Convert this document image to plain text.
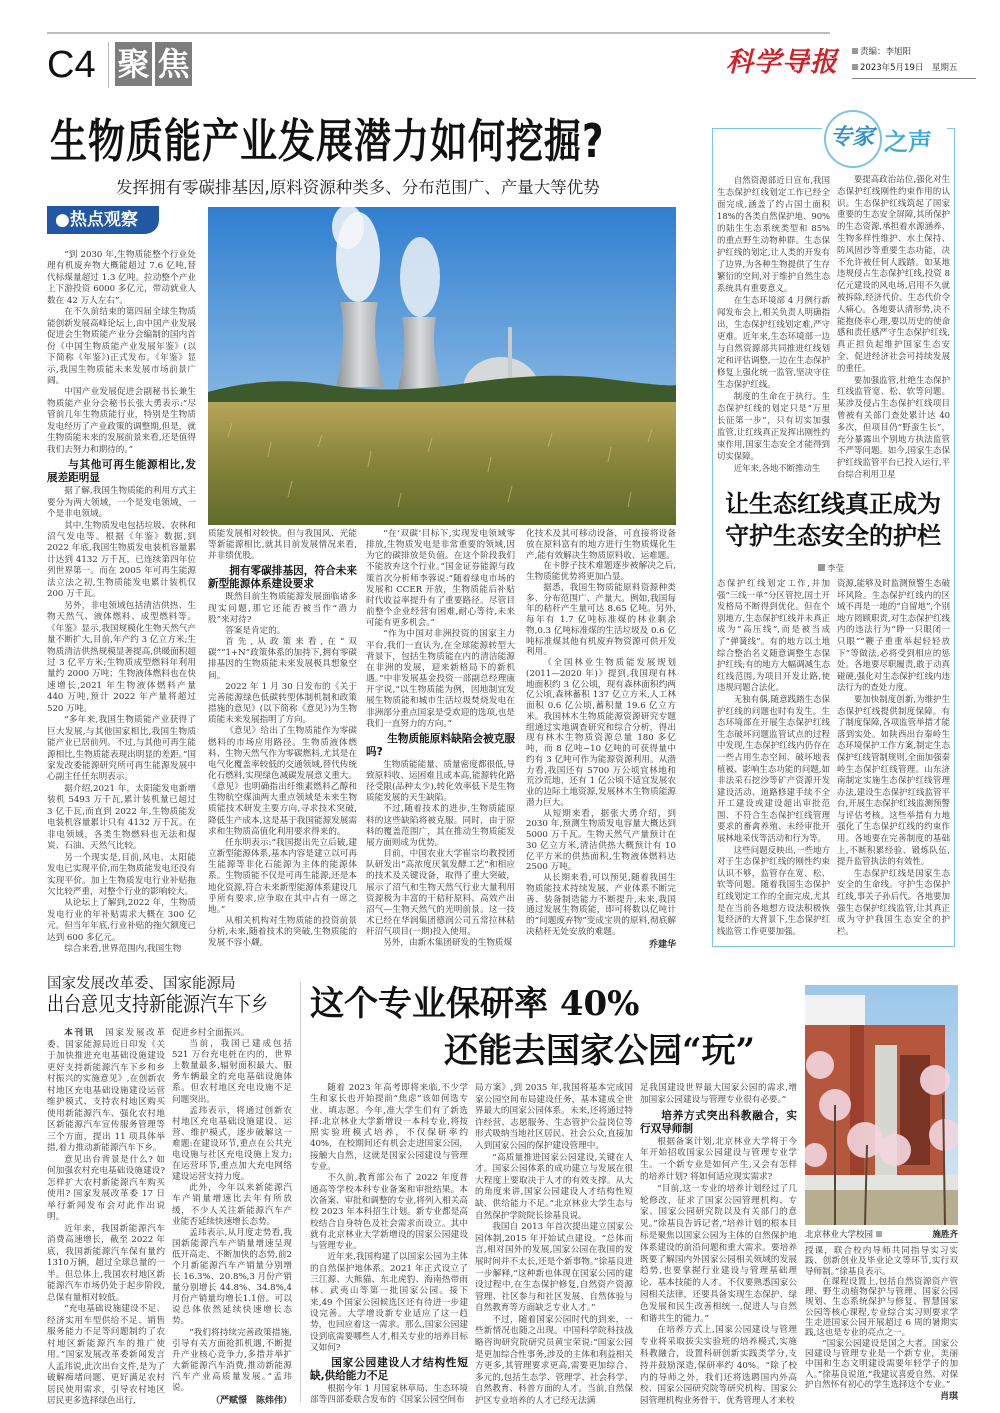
C4 聚 焦	科学导报	责编：李旭阳
2023年5月19日　星期五
生物质能产业发展潜力如何挖掘?
发挥拥有零碳排基因,原料资源种类多、分布范围广、产量大等优势
●热点观察

“到 2030 年,生物质能整个行业处理有机废弃物大概能超过 7.6 亿吨,替代标煤量超过 1.3 亿吨。拉动整个产业上下游投资 6000 多亿元，带动就业人数在 42 万人左右”。

在不久前结束的第四届全球生物质能创新发展高峰论坛上,由中国产业发展促进会生物质能产业分会编制的国内首份《中国生物质能产业发展年鉴》(以下简称《年鉴》)正式发布。《年鉴》显示,我国生物质能未来发展市场前景广阔。

中国产业发展促进会副秘书长兼生物质能产业分会秘书长张大勇表示:“尽管前几年生物质能行业，特别是生物质发电经历了产业政策的调整期,但是，就生物质能未来的发展前景来看,还是值得我们去努力和期待的。”

与其他可再生能源相比,发展差距明显

据了解,我国生物质能的利用方式主要分为两大领域，一个是发电领域，一个是非电领域。

其中,生物质发电包括垃圾、农林和沼气发电等。根据《年鉴》数据,到 2022 年底,我国生物质发电装机容量累计达到 4132 万千瓦，已连续第四年位列世界第一。而在 2005 年可再生能源法立法之初,生物质能发电累计装机仅 200 万千瓦。

另外，非电领域包括清洁供热、生物天然气、液体燃料、成型燃料等。《年鉴》显示,我国规模化生物天然气产量不断扩大,目前,年产约 3 亿立方米;生物质清洁供热规模显著提高,供暖面积超过 3 亿平方米;生物质成型燃料年利用量约 2000 万吨；生物液体燃料也在快速增长,2021 年生物液体燃料产量 440 万吨,预计 2022 年产量将超过 520 万吨。

“多年来,我国生物质能产业获得了巨大发展,与其他国家相比,我国生物质能产业已居前列。不过,与其他可再生能源相比,生物质能表现出明显的差距。”国家发改委能源研究所可再生能源发展中心副主任任东明表示。

据介绍,2021 年，太阳能发电新增装机 5493 万千瓦,累计装机量已超过 3 亿千瓦,而直到 2022 年,生物质能发电装机容量累计只有 4132 万千瓦。在非电领域，各类生物燃料也无法和煤炭、石油、天然气比较。

另一个现实是,目前,风电、太阳能发电已实现平价,而生物质能发电还没有实现平价。加上生物质发电行业补贴拖欠比较严重，对整个行业的影响较大。

从论坛上了解到,2022 年，生物质发电行业的年补贴需求大概在 300 亿元。但当年年底,行业补贴的拖欠额度已达到 600 多亿元。

综合来看,世界范围内,我国生物

质能发展相对较快。但与我国风、光能等新能源相比,就其目前发展情况来看,并非绩优股。

拥有零碳排基因，符合未来新型能源体系建设要求

既然目前生物质能源发展面临诸多现实问题,那它还能否被当作“潜力股”来对待?

答案是肯定的。

首先,从政策来看,在“双碳”“1+N”政策体系的加持下,拥有零碳排基因的生物质能未来发展极具想象空间。

2022 年 1 月 30 日发布的《关于完善能源绿色低碳转型体制机制和政策措施的意见》(以下简称《意见》)为生物质能未来发展指明了方向。

《意见》给出了生物质能作为零碳燃料的市场应用路径。生物质液体燃料、生物天然气作为零碳燃料,尤其是在电气化覆盖率较低的交通领域,替代传统化石燃料,实现绿色减碳发展意义重大。《意见》也明确指出纤维素燃料乙醇和生物航空煤油两大重点领域是未来生物质能技术研发主要方向,寻求技术突破,降低生产成本,这是基于我国能源发展需求和生物质高值化利用要求得来的。

任东明表示:“我国提出先立后破,建立新型能源体系,基本内容是建立以可再生能源等非化石能源为主体的能源体系。生物质能不仅是可再生能源,还是本地化资源,符合未来新型能源体系建设几乎所有要求,应争取在其中占有一席之地。”

从相关机构对生物质能的投资前景分析,未来,随着技术的突破,生物质能的发展不容小觑。

“在‘双碳’目标下,实现发电领域零排放,生物质发电是非常重要的领域,因为它的碳排放是负值。在这个阶段我们不能放弃这个行业。”国金证券能源与政策首次分析师李蓉说:“随着绿电市场的发展和 CCER 开放，生物质能后补贴时代收益率提升有了重要路径。尽管目前整个企业经营有困难,耐心等待,未来可能有更多机会。”

“作为中国对非洲投资的国家主力平台,我们一直认为,在全球能源转型大背景下，包括生物质能在内的清洁能源在非洲的发展，迎来新格局下的新机遇。”中非发展基金投资一部副总经理康开宇说,“以生物质能为例，因地制宜发展生物质能和城市生活垃圾焚烧发电在非洲部分重点国家是受欢迎的选项,也是我们一直努力的方向。”

生物质能原料缺陷会被克服吗?

生物质能能量、质量密度都很低,导致原料收、运困难且成本高,能源转化路径受限(品种太少),转化效率低下是生物质能发展的天生缺陷。

不过,随着技术的进步,生物质能原料的这些缺陷将被克服。同时，由于原料的覆盖范围广，其在推动生物质能发展方面则成为优势。

目前，中国农业大学崔宗均教授团队研发出“高浓度厌氧发酵工艺”和相应的技术及关键设备，取得了重大突破，展示了沼气和生物天然气行业大量利用资源极为丰富的干秸秆原料、高效产出沼气—生物天然气的光明前景。这一技术已经在华润集团德润公司五常拉林秸秆沼气项目(一期)投入使用。

另外，由新木集团研发的生物质煤

化技术及其可移动设备，可直接将设备放在原料富有的地方进行生物质煤化生产,能有效解决生物质原料收、运难题。

在卡脖子技术难题逐步被解决之后,生物质能优势将更加凸显。

据悉，我国生物质能原料资源种类多、分布范围广、产量大。例如,我国每年的秸秆产生量可达 8.65 亿吨。另外,每年有 1.7 亿吨标准煤的林业剩余物,0.3 亿吨标准煤的生活垃圾及 0.6 亿吨标准煤其他有机废弃物资源可供开发利用。

《全国林业生物质能发展规划(2011—2020 年)》提到,我国现有林地面积约 3 亿公顷，现有森林面积约两亿公顷,森林蓄积 137 亿立方米,人工林面积 0.6 亿公顷,蓄积量 19.6 亿立方米。我国林木生物质能源资源研究专题组通过实地调查研究和综合分析，得出现有林木生物质资源总量 180 多亿吨，而 8 亿吨~10 亿吨的可获得量中约有 3 亿吨可作为能源资源利用。从潜力看,我国还有 5700 万公顷宜林地和荒沙荒地，还有 1 亿公顷不适宜发展农业的边际土地资源,发展林木生物质能源潜力巨大。

从短期来看，据张大勇介绍，到 2030 年,预测生物质发电容量大概达到 5000 万千瓦。生物天然气产量预计在 30 亿立方米,清洁供热大概预计有 10 亿平方米的供热面积,生物液体燃料达 2500 万吨。

从长期来看,可以预见,随着我国生物质能技术持续发展、产业体系不断完善、装备制造能力不断提升,未来,我国通过发展生物质能，即可将数以亿吨计的“问题废弃物”变成宝贵的原料,彻底解决秸秆无处安放的难题。

乔建华
专家 之声

自然资源部近日宣布,我国生态保护红线划定工作已经全面完成,涵盖了约占国土面积 18%的各类自然保护地、90%的陆生生态系统类型和 85%的重点野生动物种群。生态保护红线的划定,让人类的开发有了边界,为各种生物提供了生存繁衍的空间,对于维护自然生态系统具有重要意义。

在生态环境部 4 月例行新闻发布会上,相关负责人明确指出，生态保护红线划定难,严守更难。近年来,生态环境部一边与自然资源部共同推进红线划定和评估调整,一边在生态保护修复上强化统一监管,坚决守住生态保护红线。

制度的生命在于执行。生态保护红线的划定只是“万里长征第一步”，只有切实加强监管,让红线真正发挥出刚性约束作用,国家生态安全才能得到切实保障。

近年来,各地不断推动生

要提高政治站位,强化对生态保护红线刚性约束作用的认识。生态保护红线筑起了国家重要的生态安全屏障,其所保护的生态资源,承担着水源涵养、生物多样性维护、水土保持、防风固沙等重要生态功能，决不允许被任何人践踏。如某地违规侵占生态保护红线,投资 8 亿元建设的风电场,启用不久就被拆除,经济代价、生态代价令人痛心。各地要认清形势,决不能抱侥幸心理,要以历史的使命感和责任感严守生态保护红线,真正担负起维护国家生态安全、促进经济社会可持续发展的重任。

要加强监管,杜绝生态保护红线监管宽、松、软等问题。某涉及侵占生态保护红线项目曾被有关部门查处累计达 40 多次，但项目仍“野蛮生长”，充分暴露出个别地方执法监管不严等问题。如今,国家生态保护红线监管平台已投入运行,平台综合利用卫星

让生态红线真正成为
守护生态安全的护栏
李莹

态保护红线划定工作,并加强“三线一单”分区管控,国土开发格局不断得到优化。但在个别地方,生态保护红线并未真正成为“高压线”,而是被当成了“弹簧线”。有的地方以土地综合整治名义随意调整生态保护红线;有的地方大幅调减生态红线范围,为项目开发让路,使违规问题合法化。

无独有偶,随意践踏生态保护红线的问题也时有发生。生态环境部在开展生态保护红线生态破坏问题监管试点的过程中发现,生态保护红线内仍存在一些占用生态空间、破坏地表植被、影响生态功能的问题,如非法采石挖沙等矿产资源开发建设活动、道路修建手续不全开工建设或建设超出审批范围、不符合生态保护红线管理要求的畜禽养殖、未经审批开展林地采伐等活动和行为等。

这些问题反映出,一些地方对于生态保护红线的刚性约束认识不够，监管存在宽、松、软等问题。随着我国生态保护红线划定工作的全面完成,尤其是在当前各地想方设法积极恢复经济的大背景下,生态保护红线监管工作更要加强。

资源,能够及时监测预警生态破坏风险。生态保护红线内的区域不再是一地的“自留地”,个别地方罔顾职责,对生态保护红线内的违法行为“睁一只眼闭一只眼”“鞭子重重举起轻轻放下”等做法,必将受到相应的惩处。各地要尽职履责,敢于动真碰硬,强化对生态保护红线内违法行为的查处力度。

要加快制度创新,为维护生态保护红线提供制度保障。有了制度保障,各项监管举措才能落到实处。如陕西出台秦岭生态环境保护工作方案,制定生态保护红线管制规则,全面加强秦岭生态保护红线管理。山东济南制定实施生态保护红线管理办法,建设生态保护红线监管平台,开展生态保护红线监测预警与评估考核。这些举措有力地强化了生态保护红线的约束作用。各地要在完善制度的基础上,不断积累经验、锻炼队伍,提升监管执法的有效性。

生态保护红线是国家生态安全的生命线。守护生态保护红线,事关子孙后代。各地要加强生态保护红线监管,让其真正成为守护我国生态安全的护栏。

国家发展改革委、国家能源局
出台意见支持新能源汽车下乡

本刊讯　国家发展改革委、国家能源局近日印发《关于加快推进充电基础设施建设更好支持新能源汽车下乡和乡村振兴的实施意见》,在创新农村地区充电基础设施建设运营维护模式、支持农村地区购买使用新能源汽车、强化农村地区新能源汽车宣传服务管理等三个方面，提出 11 项具体举措,着力推动新能源汽车下乡。

意见出台背景是什么? 如何加强农村充电基础设施建设? 怎样扩大农村新能源汽车购买使用? 国家发展改革委 17 日举行新闻发布会对此作出说明。

近年来，我国新能源汽车消费高速增长，截至 2022 年底，我国新能源汽车保有量约 1310万辆，超过全球总量的一半。但总体上,我国农村地区新能源汽车市场仍处于起步阶段,总保有量相对较低。

“充电基础设施建设不足、经济实用车型供给不足、销售服务能力不足等问题制约了农村地区新能源汽车的推广使用。”国家发展改革委新闻发言人孟玮说,此次出台文件,是为了破解痴堵问题、更好满足农村居民使用需求，引导农村地区居民更多选择绿色出行,

促进乡村全面振兴。

当前，我国已建成包括 521 万台充电桩在内的，世界上数量最多,辐射面积最大、服务车辆最全的充电基础设施体系。但农村地区充电设施不足问题突出。

孟玮表示，将通过创新农村地区充电基础设施建设、运营、维护模式，逐步破解这一难题:在建设环节,重点在公共充电设施与社区充电设施上发力;在运营环节,重点加大充电网络建设运营支持力度。

此外，今年以来新能源汽车产销量增速比去年有所放缓，不少人关注新能源汽车产业能否延续快速增长态势。

孟玮表示,从月度走势看,我国新能源汽车产销量增速呈现低开高走、不断加快的态势,前2个月新能源汽车产销量分别增长 16.3%、20.8%,3 月份产销量分别增长 44.8%、34.8%,4月份产销量均增长1.1倍。可以说总体依然延续快速增长态势。

“我们将持续完善政策措施,引导有关方面抢抓机遇,不断提升产业核心竞争力,多措并举扩大新能源汽车消费,推动新能源汽车产业高质量发展。”孟玮说。

（严赋憬　陈炜伟）
这个专业保研率 40%
还能去国家公园“玩”
北京林业大学校园	施胜齐

随着 2023 年高考即将来临,不少学生和家长也开始提前“焦虑”该如何选专业、填志愿。今年,准大学生们有了新选择:北京林业大学新增设一本科专业,将按照实验班模式培养，不仅保研率约 40%，在校期间还有机会走进国家公园，接触大自然，这就是国家公园建设与管理专业。

不久前,教育部公布了 2022 年度普通高等学校本科专业备案和审批结果。本次备案、审批和调整的专业,将列入相关高校 2023 年本科招生计划。新专业都是高校结合自身特色及社会需求而设立。其中就有北京林业大学新增设的国家公园建设与管理专业。

近年来,我国构建了以国家公园为主体的自然保护地体系。2021 年正式设立了三江源、大熊猫、东北虎豹、海南热带雨林、武夷山等第一批国家公园。接下来,49 个国家公园候选区还有待进一步建设完善。大学增设新专业适应了这一趋势，也回应着这一需求。那么,国家公园建设到底需要哪些人才,相关专业的培养目标又如何?

国家公园建设人才结构性短缺,供给能力不足

根据今年 1 月国家林草局、生态环境部等四部委联合发布的《国家公园空间布

局方案》,到 2035 年,我国将基本完成国家公园空间布局建设任务，基本建成全世界最大的国家公园体系。未来,还将通过特许经营、志愿服务、生态管护公益岗位等形式吸纳当地社区居民、社会公众,直接加入到国家公园的保护建设管理中。

“高质量推进国家公园建设,关键在人才。国家公园体系的成功建立与发展在很大程度上要取决于人才的有效支撑。从大的角度来讲,国家公园建设人才结构性短缺、供给能力不足。”北京林业大学生态与自然保护学院院长徐基良说。

我国自 2013 年首次提出建立国家公园体制,2015 年开始试点建设。“总体而言,相对国外的发展,国家公园在我国的发展时间并不太长,还是个新事物。”徐基良进一步解释,“这种新也体现在国家公园的建设过程中,在生态保护修复,自然资产资源管理、社区参与和社区发展、自然体验与自然教育等方面缺乏专业人才。”

不过，随着国家公园时代的到来，一些新情况也随之出现。中国科学院科技战略咨询研究院研究员黄宝荣说:“国家公园是更加综合性事务,涉及的主体和利益相关方更多,其管理要求更高,需要更加综合、多元的,包括生态学、管理学、社会科学、自然教育、科普方面的人才。当前,自然保护区专业培养的人才已经无法满

足我国建设世界最大国家公园的需求,增加国家公园建设与管理专业很有必要。”

培养方式突出科教融合，实行双导师制

根据备案计划,北京林业大学将于今年开始招收国家公园建设与管理专业学生。一个新专业是如何产生,又会有怎样的培养计划? 将如何适应现实需求?

“目前,这一专业的培养计划经过了几轮修改，征求了国家公园管理机构、专家、国家公园研究院以及有关部门的意见。”徐基良告诉记者,“培养计划的根本目标是聚焦以国家公园为主体的自然保护地体系建设的前沿问题和重大需求。要培养既要了解国内外国家公园相关领域的发展趋势,也要掌握行业建设与管理基础理论、基本技能的人才。不仅要熟悉国家公园相关法律，还要具备实现生态保护、绿色发展和民生改善相统一,促进人与自然和谐共生的能力。”

在培养方式上,国家公园建设与管理专业将采取拔尖实验班的培养模式,实施科教融合，设置科研创新实践类学分,支持并鼓励深造,保研率约 40%。“除了校内的导师之外，我们还将选聘国内外高校、国家公园研究院等研究机构、国家公园管理机构业务骨干、优秀管理人才来校

授课，联合校内导师共同指导实习实践、创新创业及毕业论文等环节,实行双导师制。”徐基良表示。

在课程设置上,包括自然资源资产管理、野生动植物保护与管理、国家公园规划、生态系统保护与修复、智慧国家公园等核心课程,专业综合实习则要求学生走进国家公园开展超过 6 周的暑期实践,这也是专业的亮点之一。

“国家公园建设是国之大者。国家公园建设与管理专业是一个新专业，美丽中国和生态文明建设需要年轻学子的加入。”徐基良说道,“我建议喜爱自然、对保护自然怀有初心的学生选择这个专业。”

肖琪
